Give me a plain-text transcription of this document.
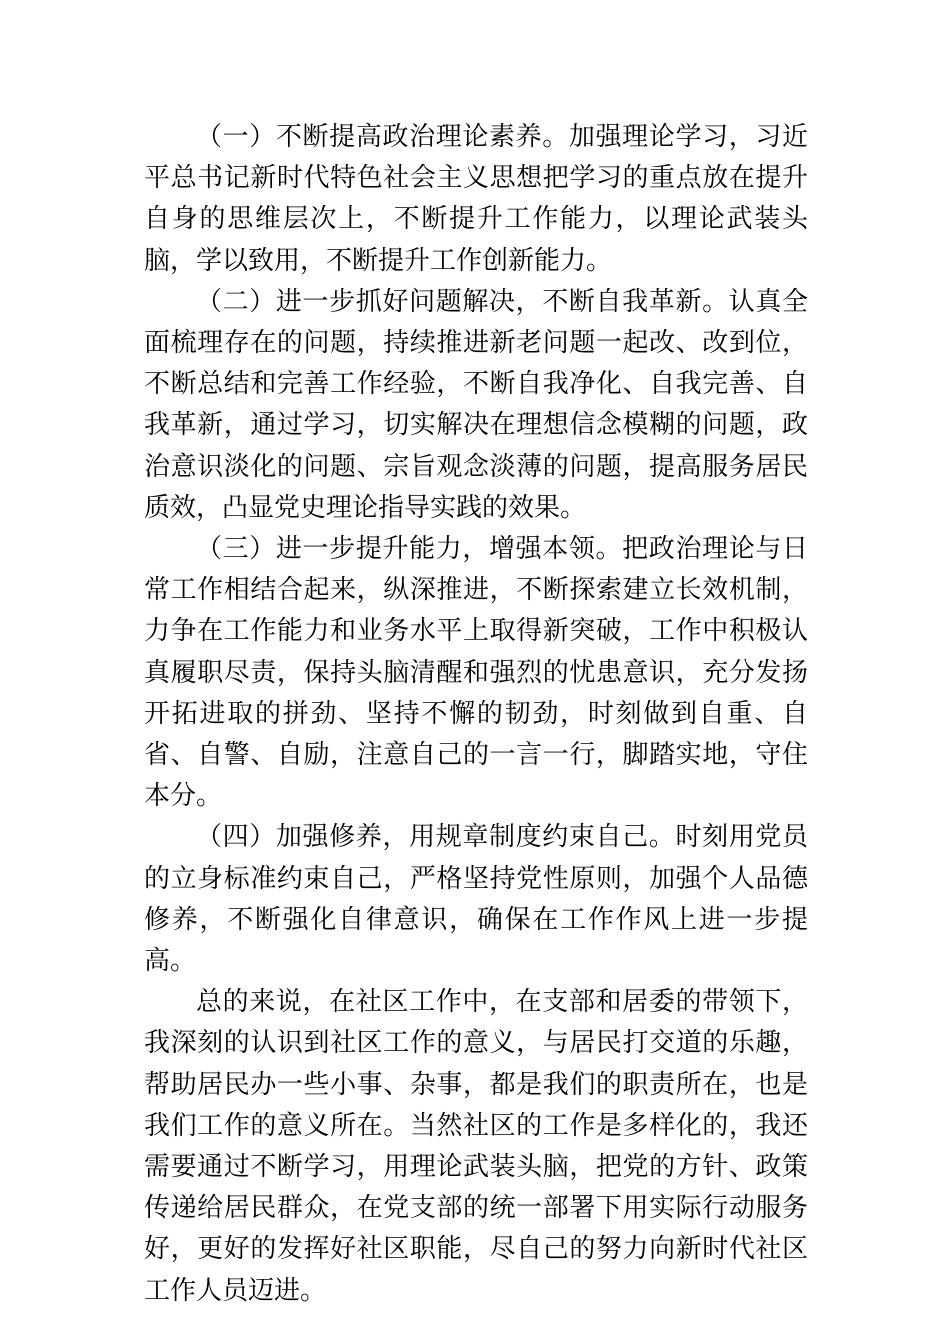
（一）不断提高政治理论素养。加强理论学习，习近平总书记新时代特色社会主义思想把学习的重点放在提升自身的思维层次上，不断提升工作能力，以理论武装头脑，学以致用，不断提升工作创新能力。

（二）进一步抓好问题解决，不断自我革新。认真全面梳理存在的问题，持续推进新老问题一起改、改到位，不断总结和完善工作经验，不断自我净化、自我完善、自我革新，通过学习，切实解决在理想信念模糊的问题，政治意识淡化的问题、宗旨观念淡薄的问题，提高服务居民质效，凸显党史理论指导实践的效果。

（三）进一步提升能力，增强本领。把政治理论与日常工作相结合起来，纵深推进，不断探索建立长效机制，力争在工作能力和业务水平上取得新突破，工作中积极认真履职尽责，保持头脑清醒和强烈的忧患意识，充分发扬开拓进取的拼劲、坚持不懈的韧劲，时刻做到自重、自省、自警、自励，注意自己的一言一行，脚踏实地，守住本分。

（四）加强修养，用规章制度约束自己。时刻用党员的立身标准约束自己，严格坚持党性原则，加强个人品德修养，不断强化自律意识，确保在工作作风上进一步提高。

总的来说，在社区工作中，在支部和居委的带领下，我深刻的认识到社区工作的意义，与居民打交道的乐趣，帮助居民办一些小事、杂事，都是我们的职责所在，也是我们工作的意义所在。当然社区的工作是多样化的，我还需要通过不断学习，用理论武装头脑，把党的方针、政策传递给居民群众，在党支部的统一部署下用实际行动服务好，更好的发挥好社区职能，尽自己的努力向新时代社区工作人员迈进。
